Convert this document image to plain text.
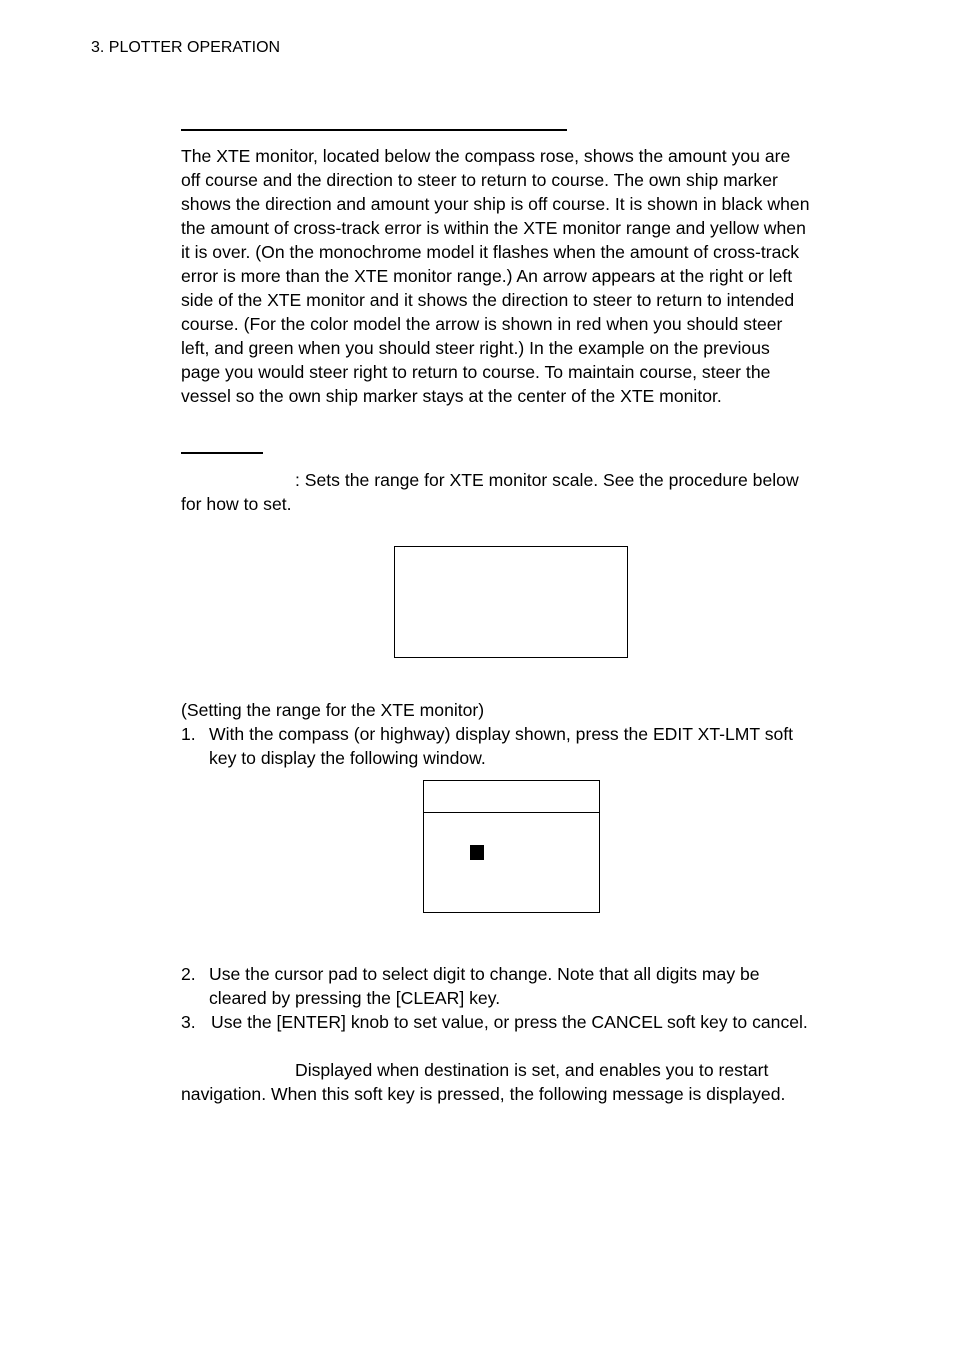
3. PLOTTER OPERATION
The XTE monitor, located below the compass rose, shows the amount you are
off course and the direction to steer to return to course. The own ship marker
shows the direction and amount your ship is off course. It is shown in black when
the amount of cross-track error is within the XTE monitor range and yellow when
it is over. (On the monochrome model it flashes when the amount of cross-track
error is more than the XTE monitor range.) An arrow appears at the right or left
side of the XTE monitor and it shows the direction to steer to return to intended
course. (For the color model the arrow is shown in red when you should steer
left, and green when you should steer right.) In the example on the previous
page you would steer right to return to course. To maintain course, steer the
vessel so the own ship marker stays at the center of the XTE monitor.
: Sets the range for XTE monitor scale. See the procedure below
for how to set.
(Setting the range for the XTE monitor)
1. With the compass (or highway) display shown, press the EDIT XT-LMT soft
key to display the following window.
2. Use the cursor pad to select digit to change. Note that all digits may be
cleared by pressing the [CLEAR] key.
3. Use the [ENTER] knob to set value, or press the CANCEL soft key to cancel.
Displayed when destination is set, and enables you to restart
navigation. When this soft key is pressed, the following message is displayed.
